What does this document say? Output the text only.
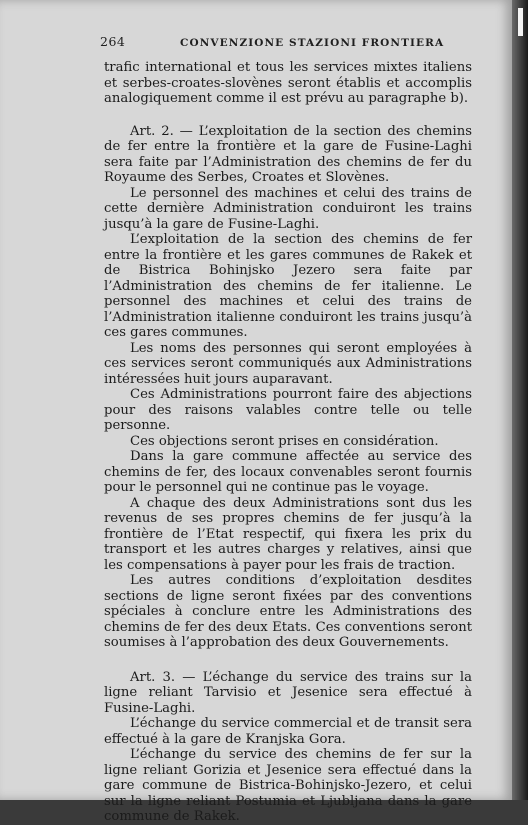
264	CONVENZIONE STAZIONI FRONTIERA

trafic international et tous les services mixtes italiens et serbes-croates-slovènes seront établis et accomplis analogiquement comme il est prévu au paragraphe b).

Art. 2. — L’exploitation de la section des chemins de fer entre la frontière et la gare de Fusine-Laghi sera faite par l’Administration des chemins de fer du Royaume des Serbes, Croates et Slovènes.

Le personnel des machines et celui des trains de cette dernière Administration conduiront les trains jusqu’à la gare de Fusine-Laghi.

L’exploitation de la section des chemins de fer entre la frontière et les gares communes de Rakek et de Bistrica Bohinjsko Jezero sera faite par l’Administration des chemins de fer italienne. Le personnel des machines et celui des trains de l’Administration italienne conduiront les trains jusqu’à ces gares communes.

Les noms des personnes qui seront employées à ces services seront communiqués aux Administrations intéressées huit jours auparavant.

Ces Administrations pourront faire des abjections pour des raisons valables contre telle ou telle personne.

Ces objections seront prises en considération.

Dans la gare commune affectée au service des chemins de fer, des locaux convenables seront fournis pour le personnel qui ne continue pas le voyage.

A chaque des deux Administrations sont dus les revenus de ses propres chemins de fer jusqu’à la frontière de l’Etat respectif, qui fixera les prix du transport et les autres charges y relatives, ainsi que les compensations à payer pour les frais de traction.

Les autres conditions d’exploitation desdites sections de ligne seront fixées par des conventions spéciales à conclure entre les Administrations des chemins de fer des deux Etats. Ces conventions seront soumises à l’approbation des deux Gouvernements.

Art. 3. — L’échange du service des trains sur la ligne reliant Tarvisio et Jesenice sera effectué à Fusine-Laghi.

L’échange du service commercial et de transit sera effectué à la gare de Kranjska Gora.

L’échange du service des chemins de fer sur la ligne reliant Gorizia et Jesenice sera effectué dans la gare commune de Bistrica-Bohinjsko-Jezero, et celui sur la ligne reliant Postumia et Ljubljana dans la gare commune de Rakek.
